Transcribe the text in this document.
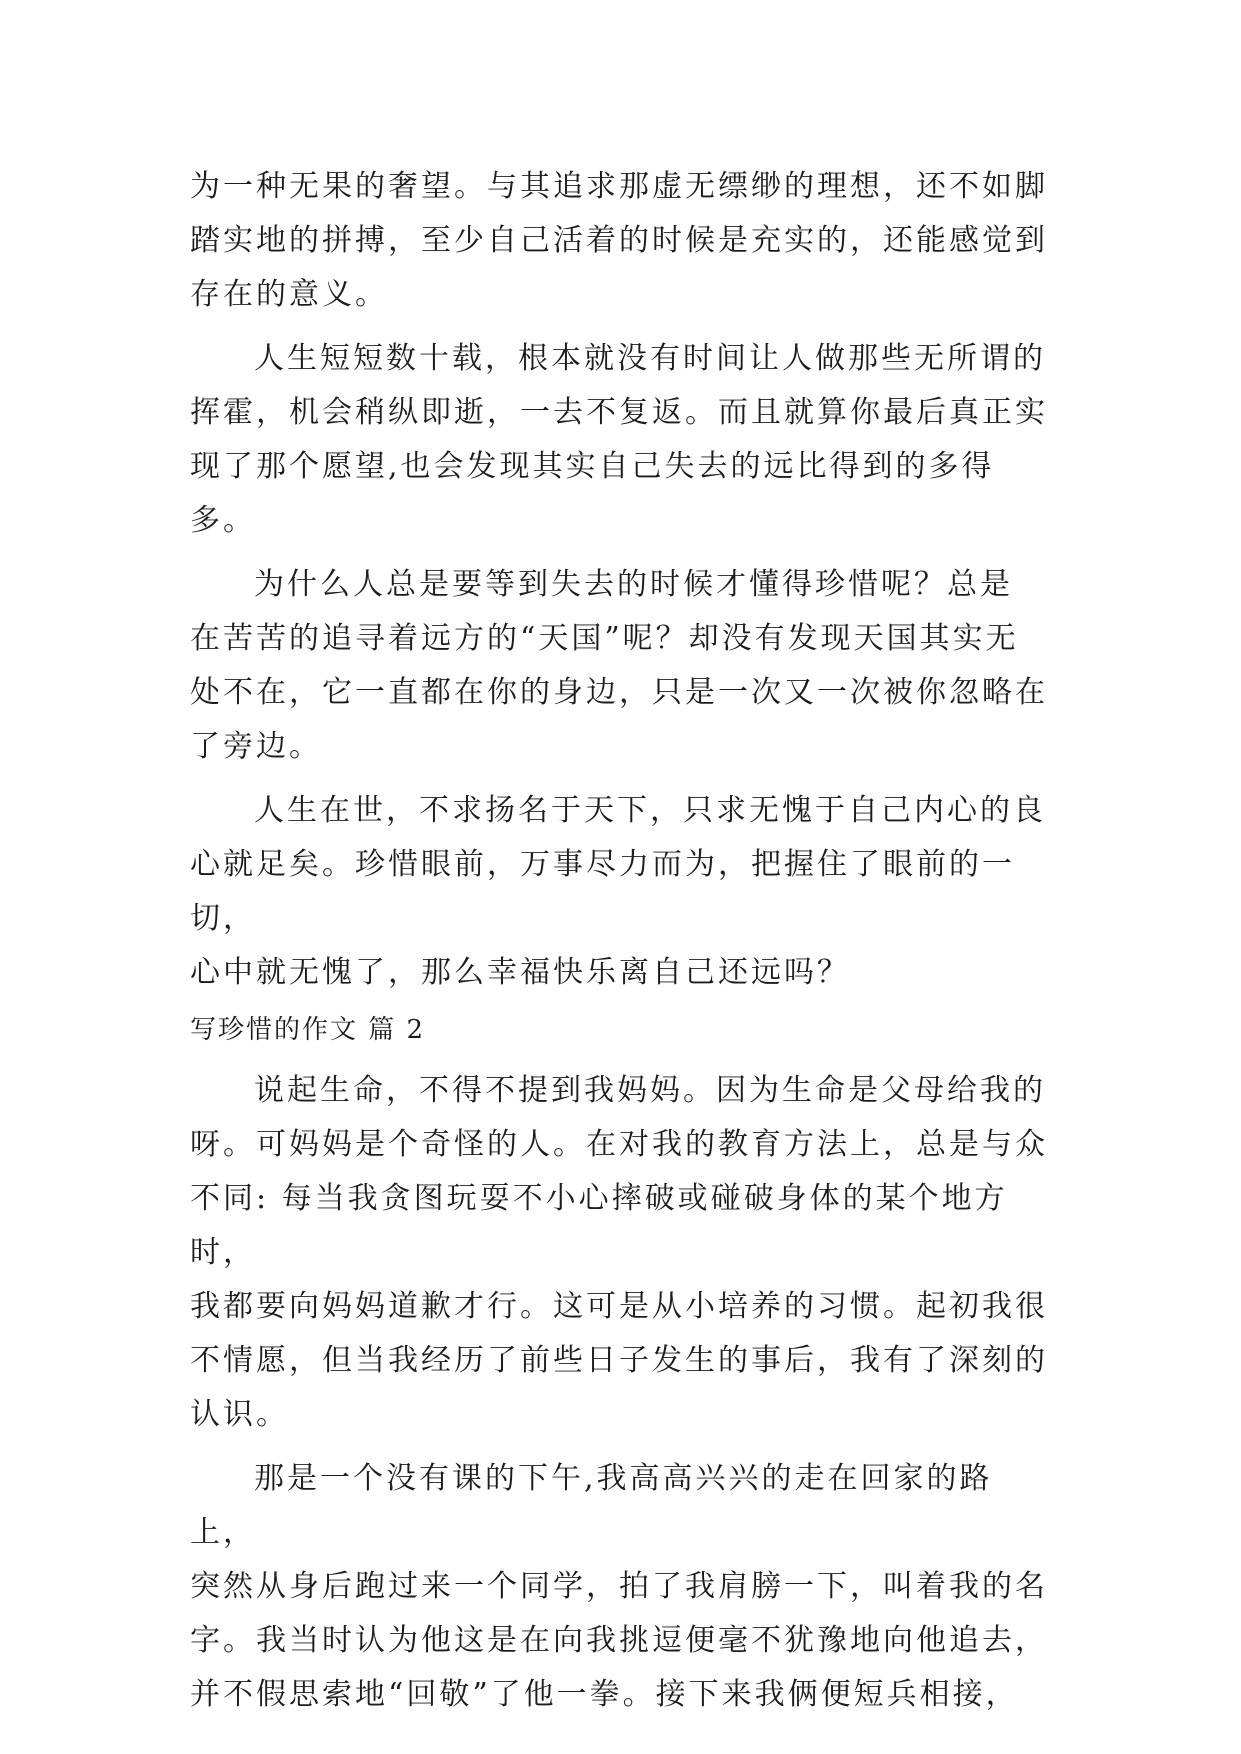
为一种无果的奢望。与其追求那虚无缥缈的理想，还不如脚
踏实地的拼搏，至少自己活着的时候是充实的，还能感觉到
存在的意义。

人生短短数十载，根本就没有时间让人做那些无所谓的
挥霍，机会稍纵即逝，一去不复返。而且就算你最后真正实
现了那个愿望,也会发现其实自己失去的远比得到的多得多。

为什么人总是要等到失去的时候才懂得珍惜呢？总是
在苦苦的追寻着远方的“天国”呢？却没有发现天国其实无
处不在，它一直都在你的身边，只是一次又一次被你忽略在
了旁边。

人生在世，不求扬名于天下，只求无愧于自己内心的良
心就足矣。珍惜眼前，万事尽力而为，把握住了眼前的一切，
心中就无愧了，那么幸福快乐离自己还远吗？

写珍惜的作文 篇 2

说起生命，不得不提到我妈妈。因为生命是父母给我的
呀。可妈妈是个奇怪的人。在对我的教育方法上，总是与众
不同: 每当我贪图玩耍不小心摔破或碰破身体的某个地方时，
我都要向妈妈道歉才行。这可是从小培养的习惯。起初我很
不情愿，但当我经历了前些日子发生的事后，我有了深刻的
认识。

那是一个没有课的下午,我高高兴兴的走在回家的路上，
突然从身后跑过来一个同学，拍了我肩膀一下，叫着我的名
字。我当时认为他这是在向我挑逗便毫不犹豫地向他追去，
并不假思索地“回敬”了他一拳。接下来我俩便短兵相接，
